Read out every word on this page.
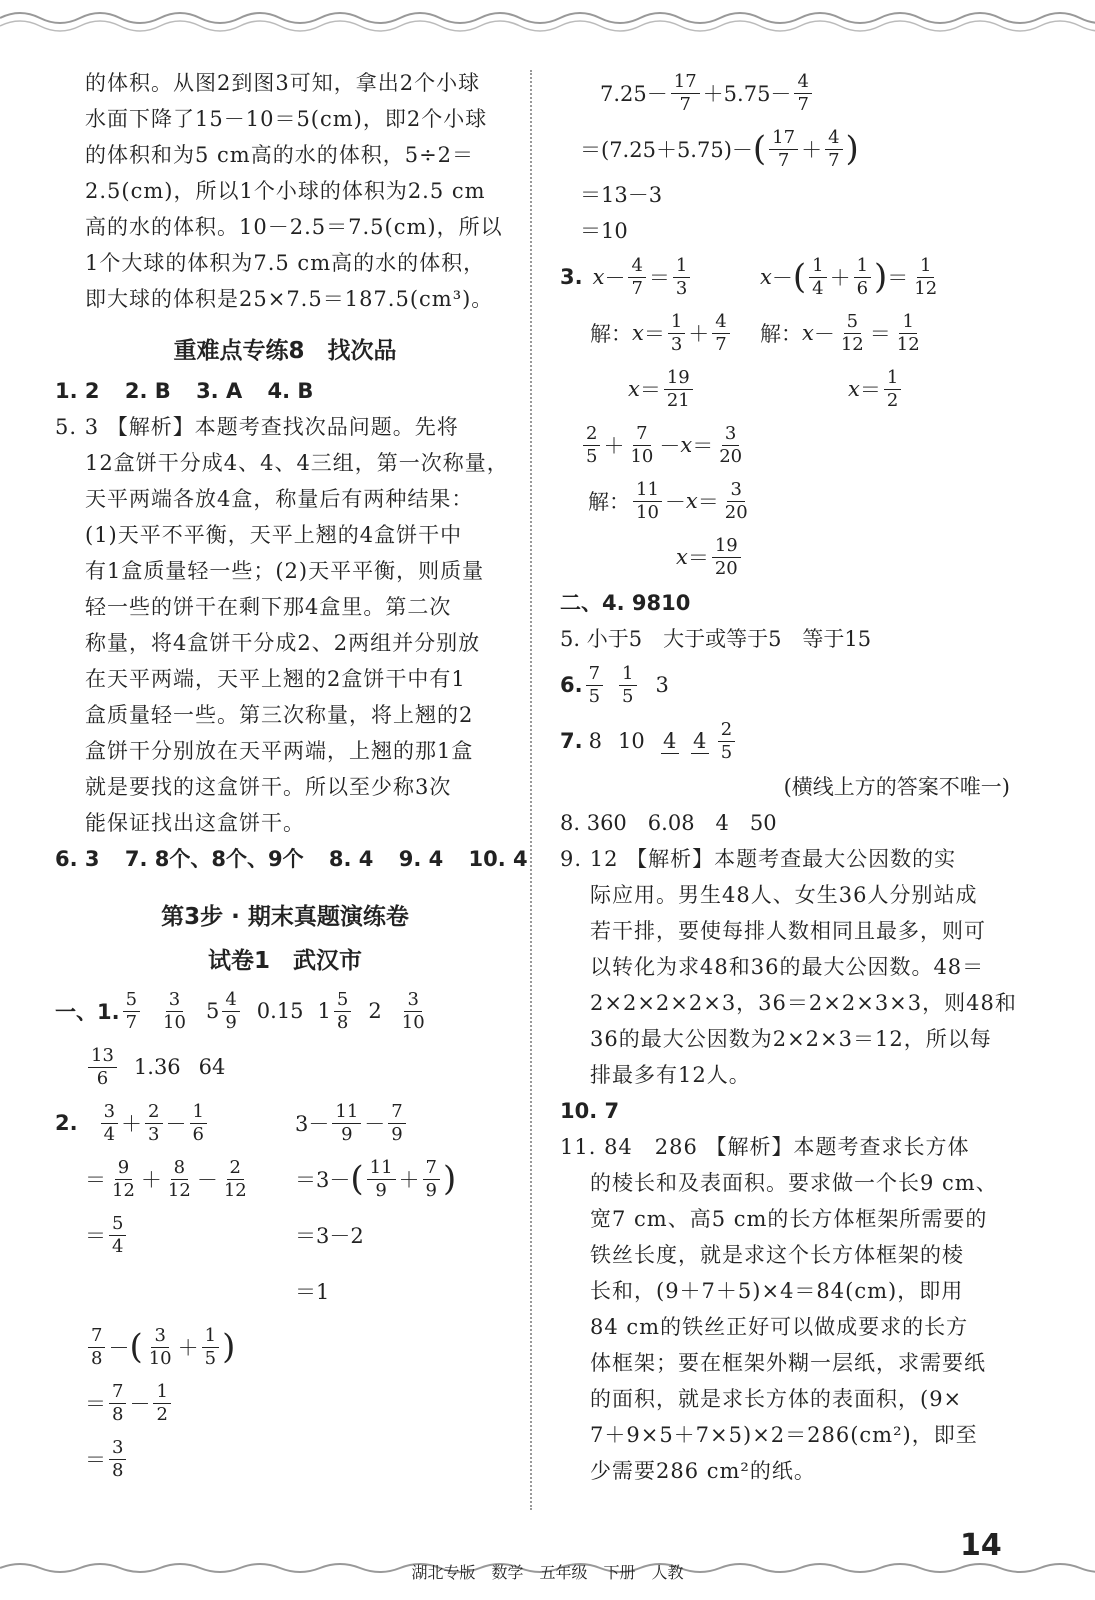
的体积。从图2到图3可知，拿出2个小球
水面下降了15－10＝5(cm)，即2个小球
的体积和为5 cm高的水的体积，5÷2＝
2.5(cm)，所以1个小球的体积为2.5 cm
高的水的体积。10－2.5＝7.5(cm)，所以
1个大球的体积为7.5 cm高的水的体积，
即大球的体积是25×7.5＝187.5(cm³)。
重难点专练8　找次品
1. 2 2. B 3. A 4. B
5. 3 【解析】本题考查找次品问题。先将
12盒饼干分成4、4、4三组，第一次称量，
天平两端各放4盒，称量后有两种结果：
(1)天平不平衡，天平上翘的4盒饼干中
有1盒质量轻一些；(2)天平平衡，则质量
轻一些的饼干在剩下那4盒里。第二次
称量，将4盒饼干分成2、2两组并分别放
在天平两端，天平上翘的2盒饼干中有1
盒质量轻一些。第三次称量，将上翘的2
盒饼干分别放在天平两端，上翘的那1盒
就是要找的这盒饼干。所以至少称3次
能保证找出这盒饼干。
6. 3 7. 8个、8个、9个 8. 4 9. 4 10. 4
第3步 · 期末真题演练卷
试卷1　武汉市
一、1. $\frac{5}{7} \frac{3}{10} 5 \frac{4}{9} 0.15$ $1 \frac{5}{8} 2 \frac{3}{10}$
$\frac{13}{6} 1.36$ 64
2. $\frac{3}{4} + \frac{2}{3} - \frac{1}{6}$
＝ $\frac{9}{12} + \frac{8}{12} - \frac{2}{12}$
＝ $\frac{5}{4}$
$3- \frac{11}{9} - \frac{7}{9}$
＝3－ ( $\frac{11}{9} + \frac{7}{9}$ )
＝3－2
＝1
$\frac{7}{8}$ － ( $\frac{3}{10} + \frac{1}{5}$ )
＝ $\frac{7}{8} - \frac{1}{2}$
＝ $\frac{3}{8}$
$7.25- \frac{17}{7} +5.75- \frac{4}{7}$
＝(7.25＋5.75)－ ( $\frac{17}{7} + \frac{4}{7}$ )
＝13－3
＝10
3. $x - \frac{4}{7} = \frac{1}{3}$
解： $x = \frac{1}{3} + \frac{4}{7}$
$x = \frac{19}{21}$
x － ( $\frac{1}{4} + \frac{1}{6}$ ) ＝ $\frac{1}{12}$
解： $x - \frac{5}{12} = \frac{1}{12}$
$x = \frac{1}{2}$
$\frac{2}{5} + \frac{7}{10} - x = \frac{3}{20}$
解： $\frac{11}{10} - x = \frac{3}{20}$
$x = \frac{19}{20}$
二、4. 9810
5. 小于5　大于或等于5　等于15
6. $\frac{7}{5} \frac{1}{5} 3$
7. 8 10 4 $4 \frac{2}{5}$
(横线上方的答案不唯一)
8. 360　6.08　4　50
9. 12 【解析】本题考查最大公因数的实
际应用。男生48人、女生36人分别站成
若干排，要使每排人数相同且最多，则可
以转化为求48和36的最大公因数。48＝
2×2×2×2×3，36＝2×2×3×3，则48和
36的最大公因数为2×2×3＝12，所以每
排最多有12人。
10. 7
11. 84　286 【解析】本题考查求长方体
的棱长和及表面积。要求做一个长9 cm、
宽7 cm、高5 cm的长方体框架所需要的
铁丝长度，就是求这个长方体框架的棱
长和，(9＋7＋5)×4＝84(cm)，即用
84 cm的铁丝正好可以做成要求的长方
体框架；要在框架外糊一层纸，求需要纸
的面积，就是求长方体的表面积，(9×
7＋9×5＋7×5)×2＝286(cm²)，即至
少需要286 cm²的纸。
14
湖北专版　数学　五年级　下册　人教
